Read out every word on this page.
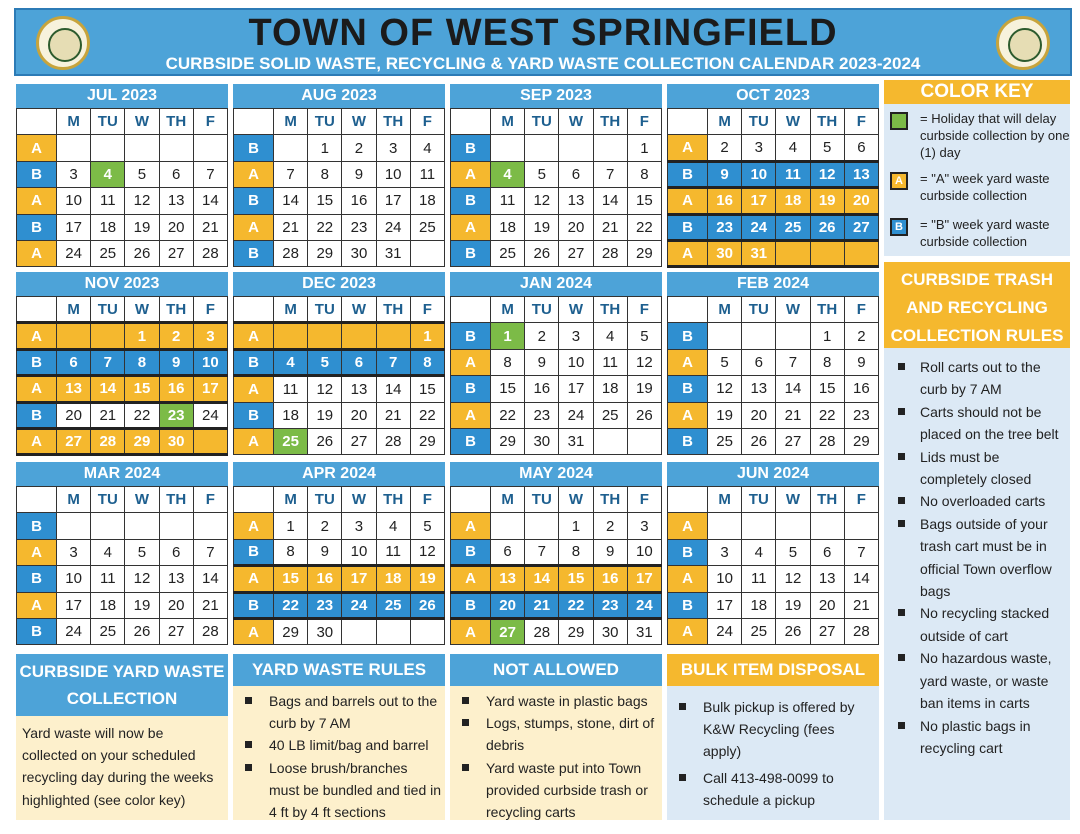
TOWN OF WEST SPRINGFIELD
CURBSIDE SOLID WASTE, RECYCLING & YARD WASTE COLLECTION CALENDAR 2023-2024
JUL 2023
	M	TU	W	TH	F
A					
B	3	4	5	6	7
A	10	11	12	13	14
B	17	18	19	20	21
A	24	25	26	27	28
AUG 2023
	M	TU	W	TH	F
B		1	2	3	4
A	7	8	9	10	11
B	14	15	16	17	18
A	21	22	23	24	25
B	28	29	30	31	
SEP 2023
	M	TU	W	TH	F
B					1
A	4	5	6	7	8
B	11	12	13	14	15
A	18	19	20	21	22
B	25	26	27	28	29
OCT 2023
	M	TU	W	TH	F
A	2	3	4	5	6
B	9	10	11	12	13
A	16	17	18	19	20
B	23	24	25	26	27
A	30	31			
NOV 2023
	M	TU	W	TH	F
A			1	2	3
B	6	7	8	9	10
A	13	14	15	16	17
B	20	21	22	23	24
A	27	28	29	30	
DEC 2023
	M	TU	W	TH	F
A					1
B	4	5	6	7	8
A	11	12	13	14	15
B	18	19	20	21	22
A	25	26	27	28	29
JAN 2024
	M	TU	W	TH	F
B	1	2	3	4	5
A	8	9	10	11	12
B	15	16	17	18	19
A	22	23	24	25	26
B	29	30	31		
FEB 2024
	M	TU	W	TH	F
B				1	2
A	5	6	7	8	9
B	12	13	14	15	16
A	19	20	21	22	23
B	25	26	27	28	29
MAR 2024
	M	TU	W	TH	F
B					
A	3	4	5	6	7
B	10	11	12	13	14
A	17	18	19	20	21
B	24	25	26	27	28
APR 2024
	M	TU	W	TH	F
A	1	2	3	4	5
B	8	9	10	11	12
A	15	16	17	18	19
B	22	23	24	25	26
A	29	30			
MAY 2024
	M	TU	W	TH	F
A			1	2	3
B	6	7	8	9	10
A	13	14	15	16	17
B	20	21	22	23	24
A	27	28	29	30	31
JUN 2024
	M	TU	W	TH	F
A					
B	3	4	5	6	7
A	10	11	12	13	14
B	17	18	19	20	21
A	24	25	26	27	28
COLOR KEY
= Holiday that will delay curbside collection by one (1) day
A	= "A" week yard waste curbside collection
B	= "B" week yard waste curbside collection
CURBSIDE TRASH
AND RECYCLING
COLLECTION RULES
Roll carts out to the curb by 7 AM
Carts should not be placed on the tree belt
Lids must be completely closed
No overloaded carts
Bags outside of your trash cart must be in official Town overflow bags
No recycling stacked outside of cart
No hazardous waste, yard waste, or waste ban items in carts
No plastic bags in recycling cart
CURBSIDE YARD WASTE COLLECTION
Yard waste will now be collected on your scheduled recycling day during the weeks highlighted (see color key)
YARD WASTE RULES
Bags and barrels out to the curb by 7 AM
40 LB limit/bag and barrel
Loose brush/branches must be bundled and tied in 4 ft by 4 ft sections
NOT ALLOWED
Yard waste in plastic bags
Logs, stumps, stone, dirt of debris
Yard waste put into Town provided curbside trash or recycling carts
BULK ITEM DISPOSAL
Bulk pickup is offered by K&W Recycling (fees apply)
Call 413-498-0099 to schedule a pickup
